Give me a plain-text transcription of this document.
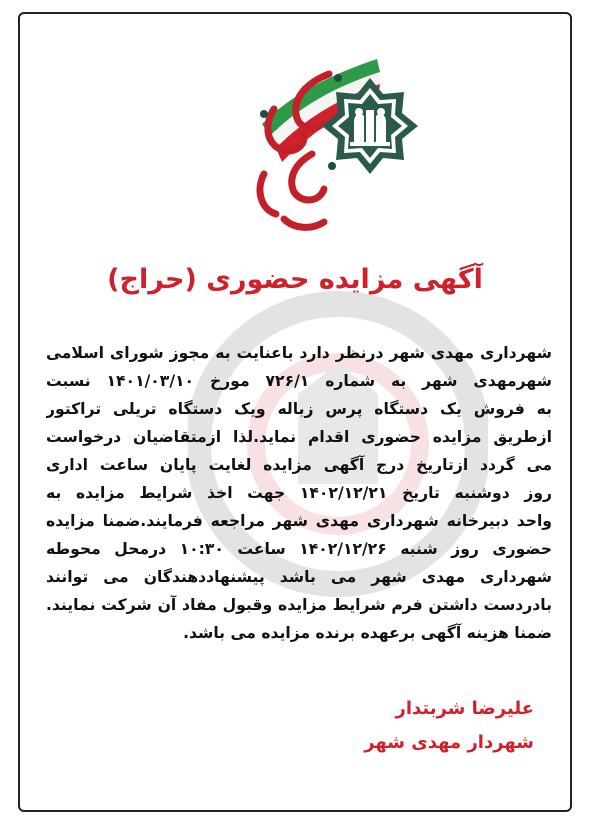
آگهی مزایده حضوری (حراج)
شهرداری مهدی شهر درنظر دارد باعنایت به مجوز شورای اسلامی
شهرمهدی شهر به شماره ۷۲۶/۱ مورخ ۱۴۰۱/۰۳/۱۰ نسبت
به فروش یک دستگاه پرس زباله ویک دستگاه تریلی تراکتور
ازطریق مزایده حضوری اقدام نماید.لذا ازمتقاضیان درخواست
می گردد ازتاریخ درج آگهی مزایده لغایت پایان ساعت اداری
روز دوشنبه تاریخ ۱۴۰۲/۱۲/۲۱ جهت اخذ شرایط مزایده به
واحد دبیرخانه شهرداری مهدی شهر مراجعه فرمایند.ضمنا مزایده
حضوری روز شنبه ۱۴۰۲/۱۲/۲۶ ساعت ۱۰:۳۰ درمحل محوطه
شهرداری مهدی شهر می باشد پیشنهاددهندگان می توانند
بادردست داشتن فرم شرایط مزایده وقبول مفاد آن شرکت نمایند.
ضمنا هزینه آگهی برعهده برنده مزایده می باشد.
علیرضا شربتدار
شهردار مهدی شهر
